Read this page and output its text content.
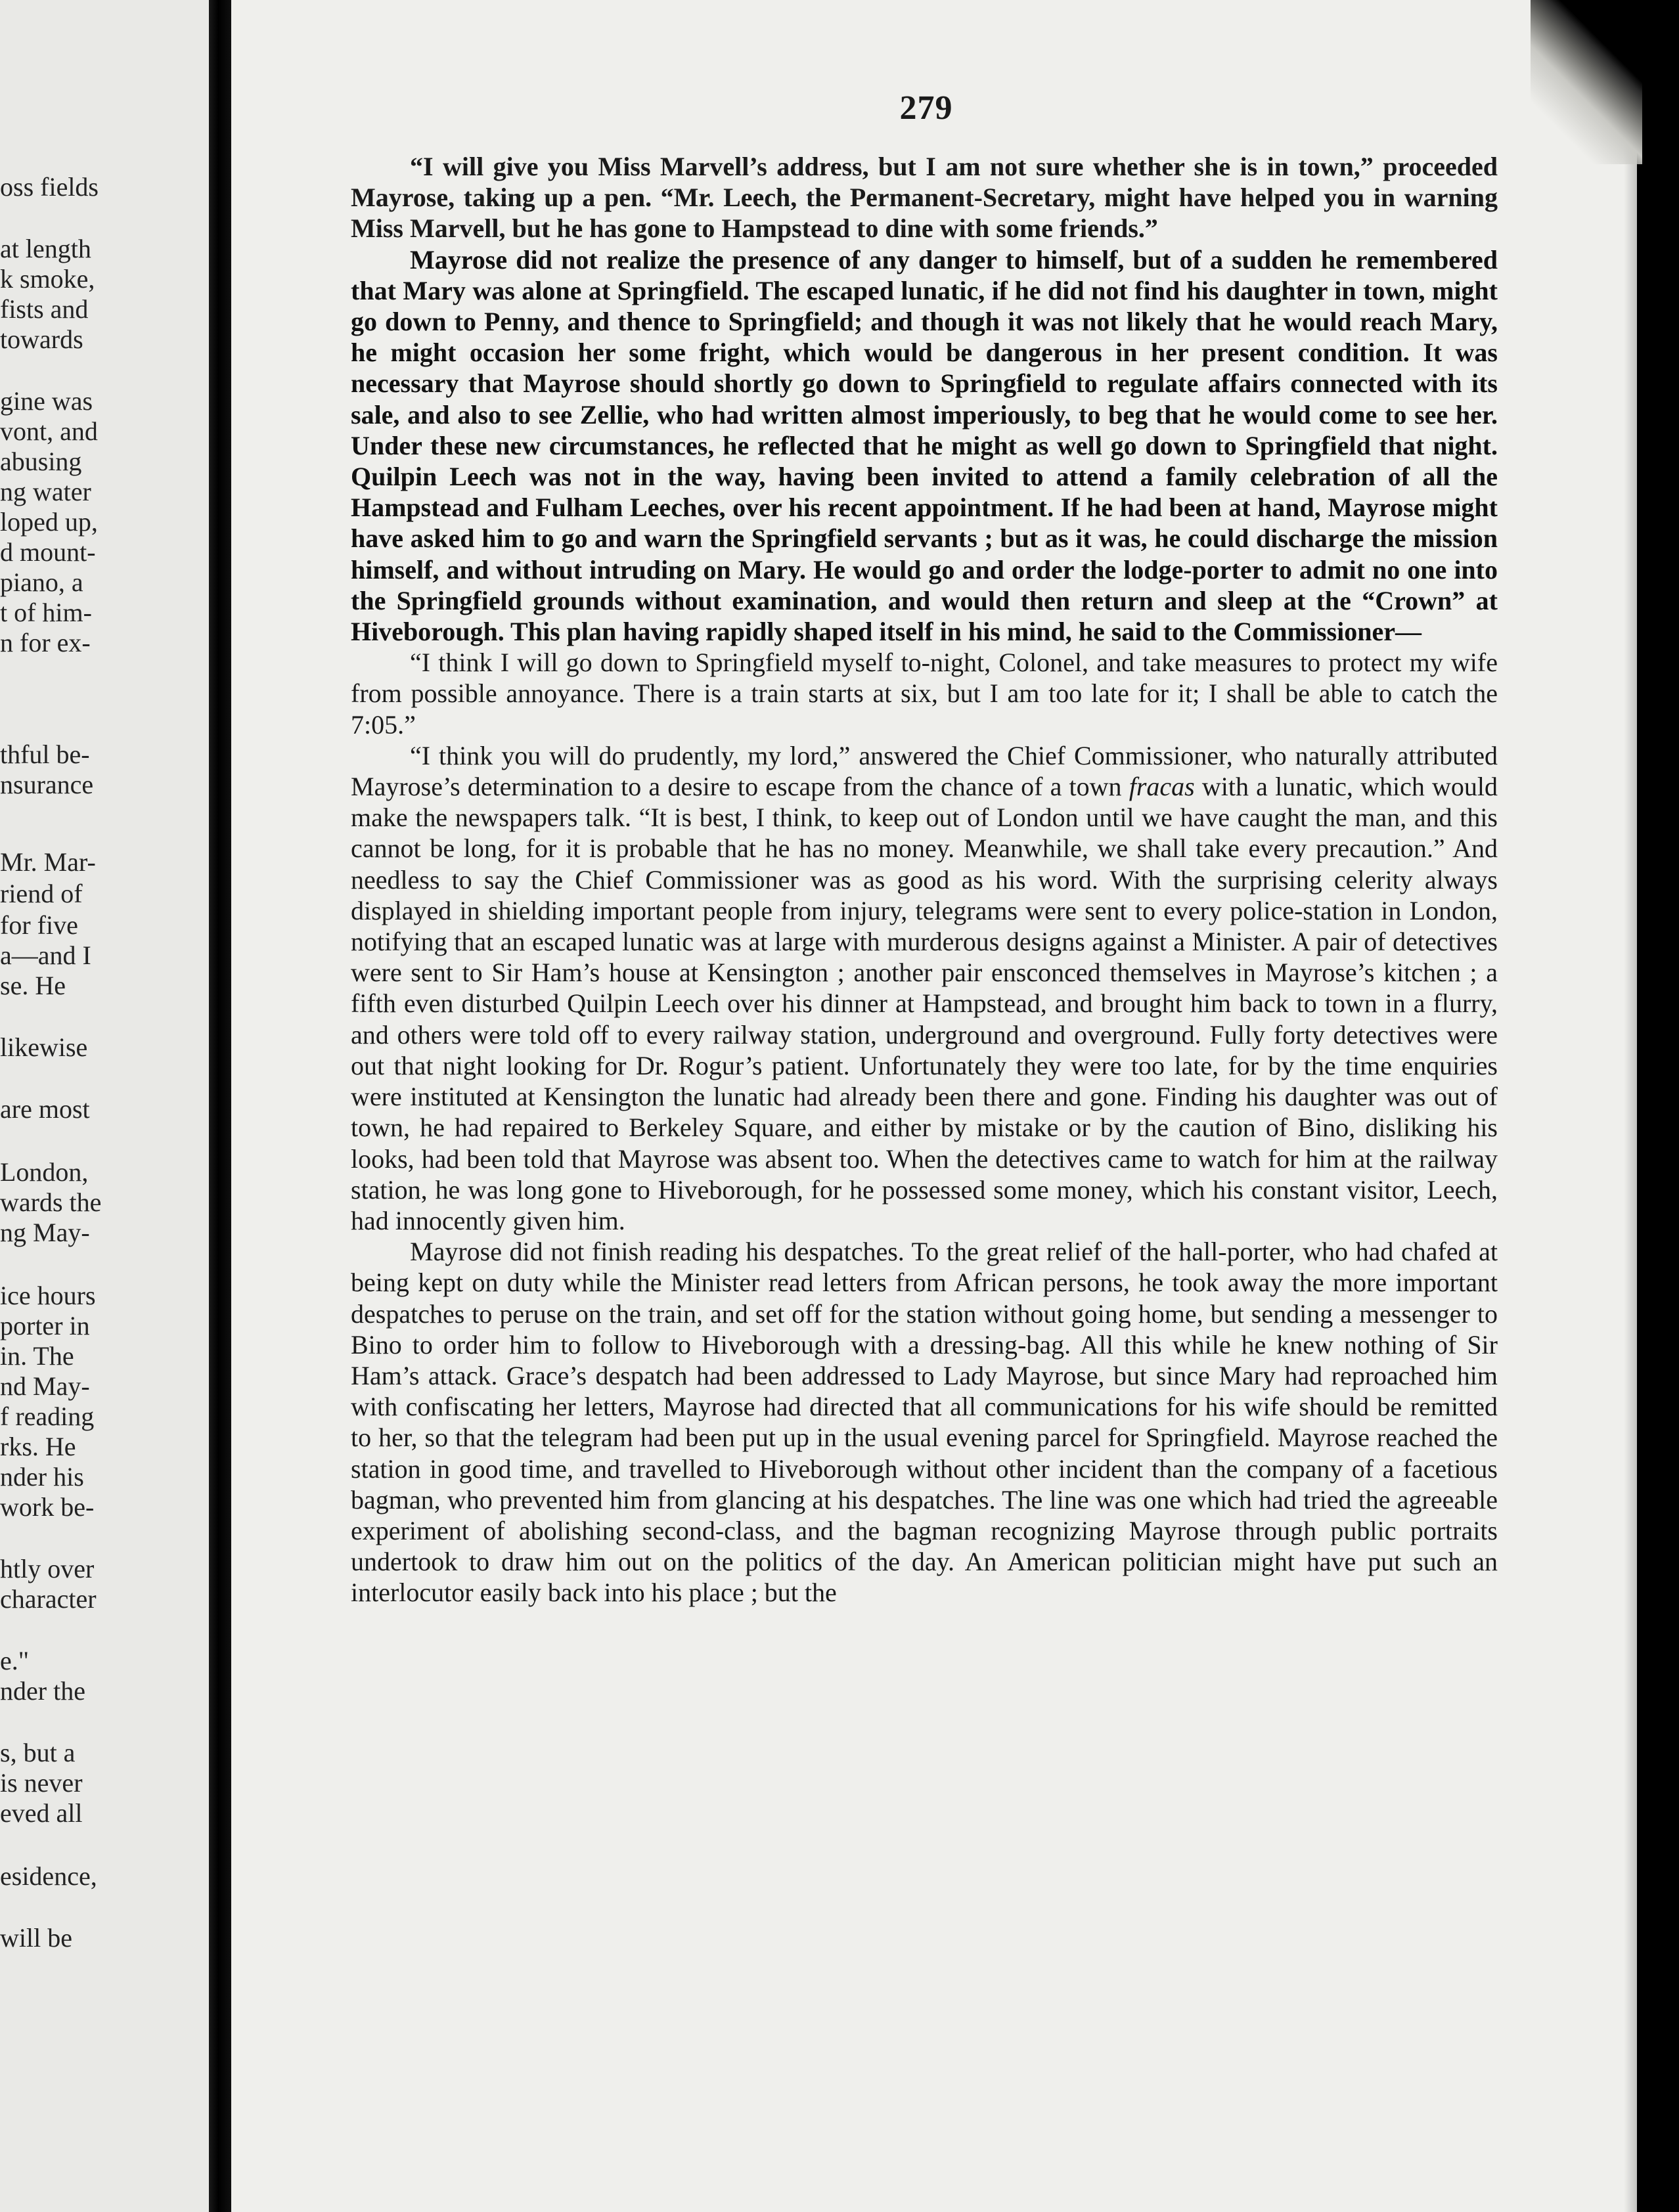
oss fields
at length
k smoke,
fists and
towards
gine was
vont, and
abusing
ng water
loped up,
d mount-
piano, a
t of him-
n for ex-
thful be-
nsurance
Mr. Mar-
riend of
for five
a—and I
se. He
likewise
are most
London,
wards the
ng May-
ice hours
porter in
in. The
nd May-
f reading
rks. He
nder his
work be-
htly over
character
e."
nder the
s, but a
is never
eved all
esidence,
will be
279

“I will give you Miss Marvell’s address, but I am not sure whether she is in town,” proceeded Mayrose, taking up a pen. “Mr. Leech, the Permanent-Secretary, might have helped you in warning Miss Marvell, but he has gone to Hampstead to dine with some friends.”

Mayrose did not realize the presence of any danger to himself, but of a sudden he remembered that Mary was alone at Springfield. The escaped lunatic, if he did not find his daughter in town, might go down to Penny, and thence to Springfield; and though it was not likely that he would reach Mary, he might occasion her some fright, which would be dangerous in her present condition. It was necessary that Mayrose should shortly go down to Springfield to regulate affairs connected with its sale, and also to see Zellie, who had written almost imperiously, to beg that he would come to see her. Under these new circumstances, he reflected that he might as well go down to Springfield that night. Quilpin Leech was not in the way, having been invited to attend a family celebration of all the Hampstead and Fulham Leeches, over his recent appointment. If he had been at hand, Mayrose might have asked him to go and warn the Springfield servants ; but as it was, he could discharge the mission himself, and without intruding on Mary. He would go and order the lodge-porter to admit no one into the Springfield grounds without examination, and would then return and sleep at the “Crown” at Hiveborough. This plan having rapidly shaped itself in his mind, he said to the Commissioner—

“I think I will go down to Springfield myself to-night, Colonel, and take measures to protect my wife from possible annoyance. There is a train starts at six, but I am too late for it; I shall be able to catch the 7:05.”

“I think you will do prudently, my lord,” answered the Chief Commissioner, who naturally attributed Mayrose’s determination to a desire to escape from the chance of a town fracas with a lunatic, which would make the newspapers talk. “It is best, I think, to keep out of London until we have caught the man, and this cannot be long, for it is probable that he has no money. Meanwhile, we shall take every precaution.” And needless to say the Chief Commissioner was as good as his word. With the surprising celerity always displayed in shielding important people from injury, telegrams were sent to every police-station in London, notifying that an escaped lunatic was at large with murderous designs against a Minister. A pair of detectives were sent to Sir Ham’s house at Kensington ; another pair ensconced themselves in Mayrose’s kitchen ; a fifth even disturbed Quilpin Leech over his dinner at Hampstead, and brought him back to town in a flurry, and others were told off to every railway station, underground and overground. Fully forty detectives were out that night looking for Dr. Rogur’s patient. Unfortunately they were too late, for by the time enquiries were instituted at Kensington the lunatic had already been there and gone. Finding his daughter was out of town, he had repaired to Berkeley Square, and either by mistake or by the caution of Bino, disliking his looks, had been told that Mayrose was absent too. When the detectives came to watch for him at the railway station, he was long gone to Hiveborough, for he possessed some money, which his constant visitor, Leech, had innocently given him.

Mayrose did not finish reading his despatches. To the great relief of the hall-porter, who had chafed at being kept on duty while the Minister read letters from African persons, he took away the more important despatches to peruse on the train, and set off for the station without going home, but sending a messenger to Bino to order him to follow to Hiveborough with a dressing-bag. All this while he knew nothing of Sir Ham’s attack. Grace’s despatch had been addressed to Lady Mayrose, but since Mary had reproached him with confiscating her letters, Mayrose had directed that all communications for his wife should be remitted to her, so that the telegram had been put up in the usual evening parcel for Springfield. Mayrose reached the station in good time, and travelled to Hiveborough without other incident than the company of a facetious bagman, who prevented him from glancing at his despatches. The line was one which had tried the agreeable experiment of abolishing second-class, and the bagman recognizing Mayrose through public portraits undertook to draw him out on the politics of the day. An American politician might have put such an interlocutor easily back into his place ; but the
